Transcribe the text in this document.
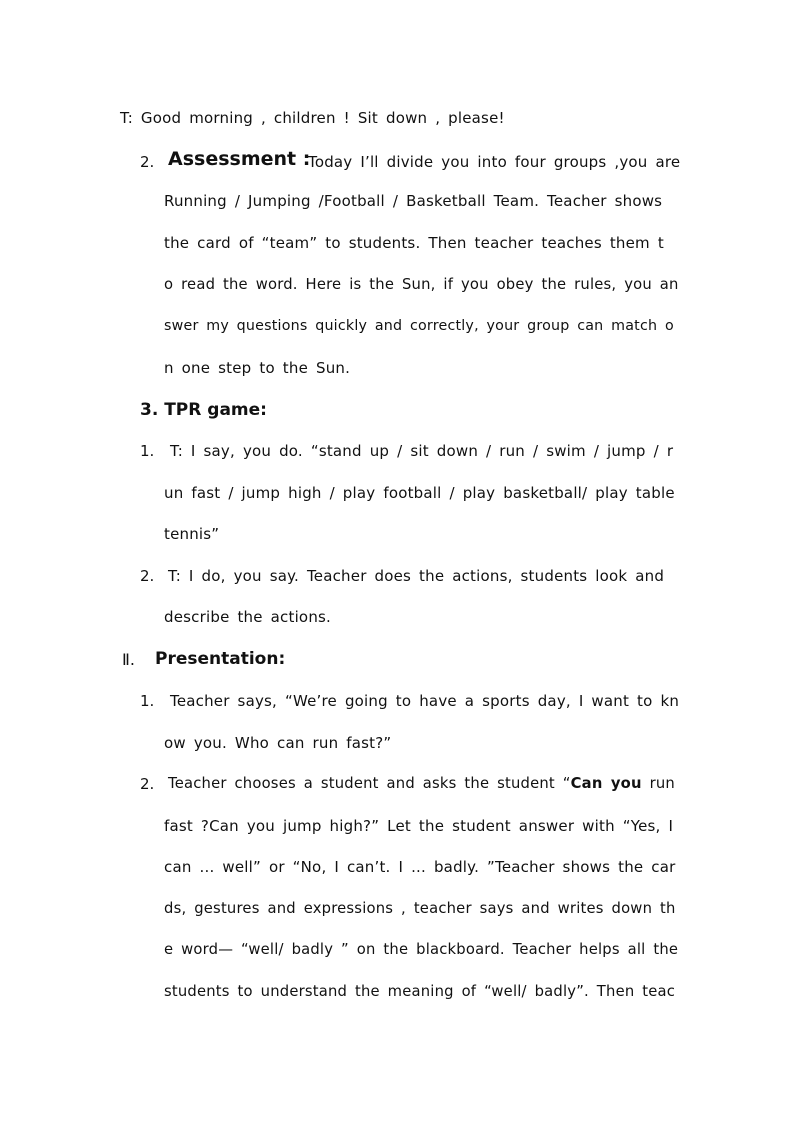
T: Good morning , children ! Sit down , please!
2. Assessment :
Today I’ll divide you into four groups ,you are
Running / Jumping /Football / Basketball Team. Teacher shows
the card of “team” to students. Then teacher teaches them t
o read the word. Here is the Sun, if you obey the rules, you an
swer my questions quickly and correctly, your group can match o
n one step to the Sun.
3. TPR game:
1. T: I say, you do. “stand up / sit down / run / swim / jump / r
un fast / jump high / play football / play basketball/ play table
tennis”
2. T: I do, you say. Teacher does the actions, students look and
describe the actions.
Ⅱ. Presentation:
1. Teacher says, “We’re going to have a sports day, I want to kn
ow you. Who can run fast?”
2. Teacher chooses a student and asks the student “Can you run
fast ?Can you jump high?” Let the student answer with “Yes, I
can ... well” or “No, I can’t. I ... badly. ”Teacher shows the car
ds, gestures and expressions , teacher says and writes down th
e word— “well/ badly ” on the blackboard. Teacher helps all the
students to understand the meaning of “well/ badly”. Then teac
